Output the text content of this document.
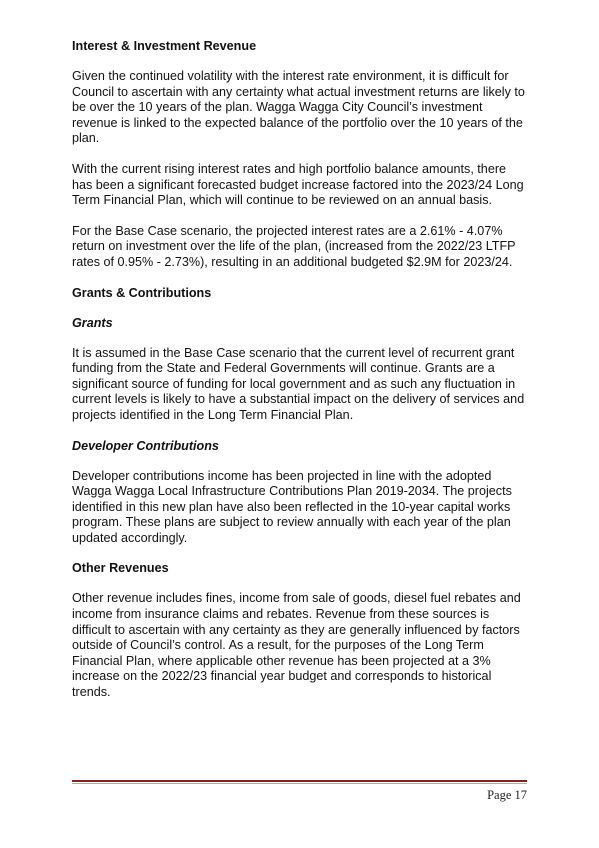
Interest & Investment Revenue

Given the continued volatility with the interest rate environment, it is difficult for Council to ascertain with any certainty what actual investment returns are likely to be over the 10 years of the plan. Wagga Wagga City Council’s investment revenue is linked to the expected balance of the portfolio over the 10 years of the plan.

With the current rising interest rates and high portfolio balance amounts, there has been a significant forecasted budget increase factored into the 2023/24 Long Term Financial Plan, which will continue to be reviewed on an annual basis.

For the Base Case scenario, the projected interest rates are a 2.61% - 4.07% return on investment over the life of the plan, (increased from the 2022/23 LTFP rates of 0.95% - 2.73%), resulting in an additional budgeted $2.9M for 2023/24.

Grants & Contributions
Grants

It is assumed in the Base Case scenario that the current level of recurrent grant funding from the State and Federal Governments will continue. Grants are a significant source of funding for local government and as such any fluctuation in current levels is likely to have a substantial impact on the delivery of services and projects identified in the Long Term Financial Plan.

Developer Contributions

Developer contributions income has been projected in line with the adopted Wagga Wagga Local Infrastructure Contributions Plan 2019-2034. The projects identified in this new plan have also been reflected in the 10-year capital works program. These plans are subject to review annually with each year of the plan updated accordingly.

Other Revenues

Other revenue includes fines, income from sale of goods, diesel fuel rebates and income from insurance claims and rebates. Revenue from these sources is difficult to ascertain with any certainty as they are generally influenced by factors outside of Council’s control. As a result, for the purposes of the Long Term Financial Plan, where applicable other revenue has been projected at a 3% increase on the 2022/23 financial year budget and corresponds to historical trends.

Page 17
